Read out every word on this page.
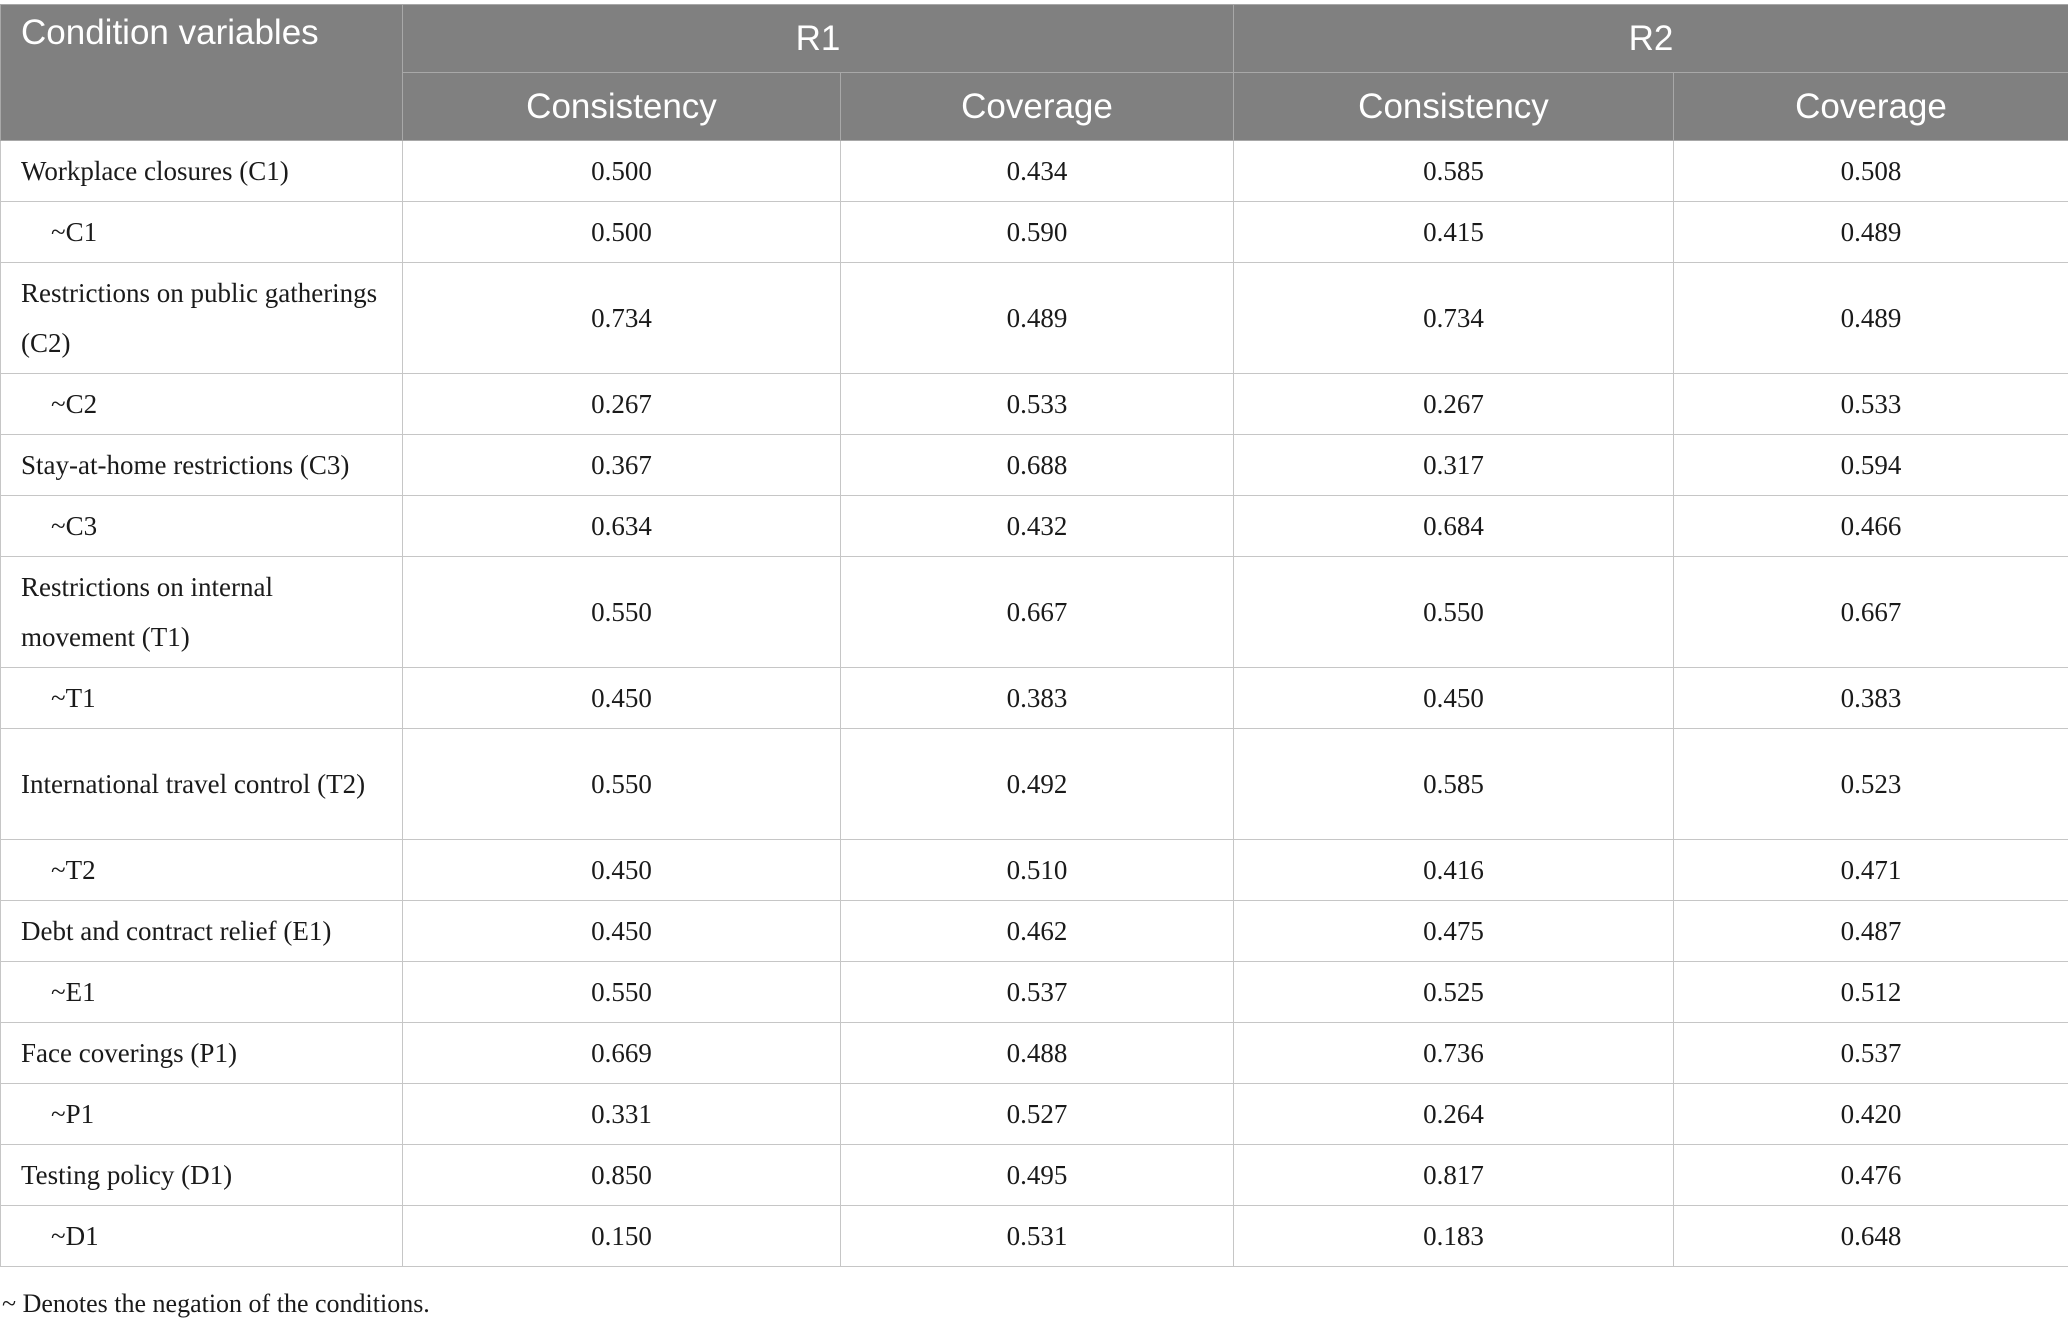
Condition variables	R1		R2	
	Consistency	Coverage	Consistency	Coverage
Workplace closures (C1)	0.500	0.434	0.585	0.508
~C1	0.500	0.590	0.415	0.489
Restrictions on public gatherings (C2)	0.734	0.489	0.734	0.489
~C2	0.267	0.533	0.267	0.533
Stay-at-home restrictions (C3)	0.367	0.688	0.317	0.594
~C3	0.634	0.432	0.684	0.466
Restrictions on internal movement (T1)	0.550	0.667	0.550	0.667
~T1	0.450	0.383	0.450	0.383
International travel control (T2)	0.550	0.492	0.585	0.523
~T2	0.450	0.510	0.416	0.471
Debt and contract relief (E1)	0.450	0.462	0.475	0.487
~E1	0.550	0.537	0.525	0.512
Face coverings (P1)	0.669	0.488	0.736	0.537
~P1	0.331	0.527	0.264	0.420
Testing policy (D1)	0.850	0.495	0.817	0.476
~D1	0.150	0.531	0.183	0.648

~ Denotes the negation of the conditions.
